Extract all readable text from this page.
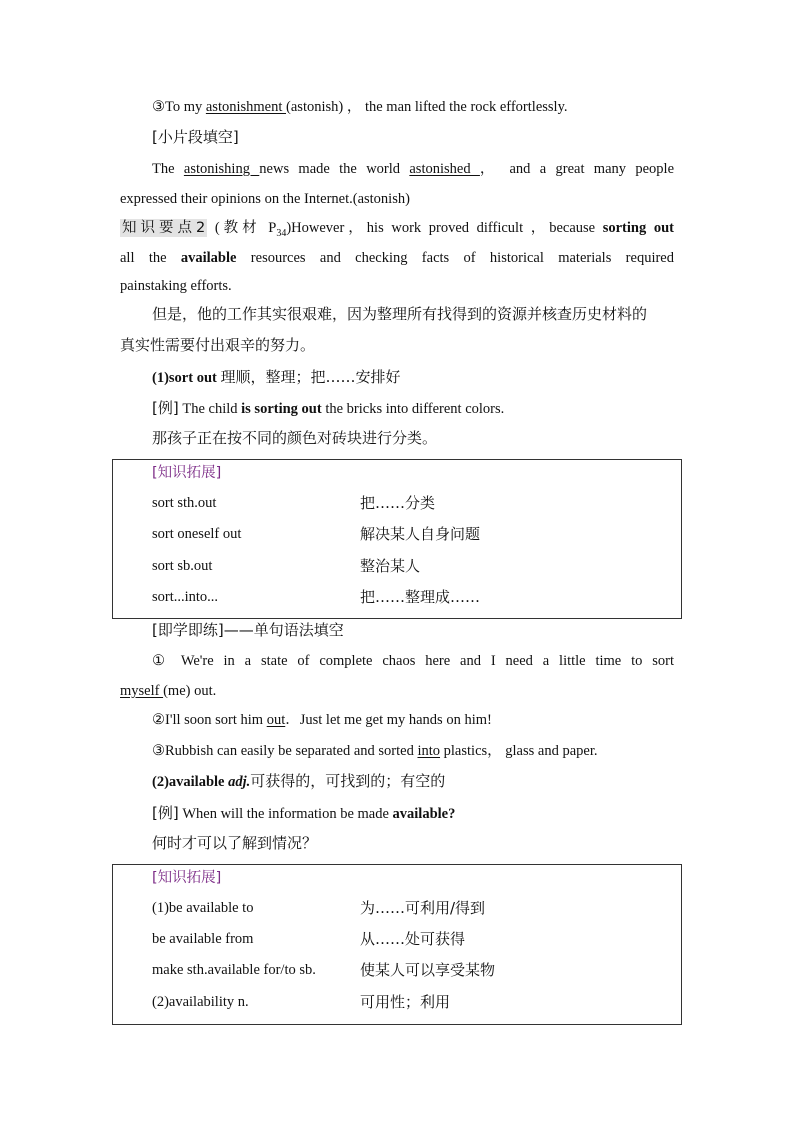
③To my astonishment (astonish) ， the man lifted the rock effortlessly.
[小片段填空]
The astonishing news made the world astonished ， and a great many people
expressed their opinions on the Internet.(astonish)
知识要点2 (教材 $P_{34})However$，his work proved difficult ，because sorting out
all the available resources and checking facts of historical materials required
painstaking efforts.
但是，他的工作其实很艰难，因为整理所有找得到的资源并核查历史材料的
真实性需要付出艰辛的努力。
(1)sort out 理顺，整理；把……安排好
[例] The child is sorting out the bricks into different colors.
那孩子正在按不同的颜色对砖块进行分类。
[知识拓展]
sort sth.out	把……分类
sort oneself out	解决某人自身问题
sort sb.out	整治某人
sort...into...	把……整理成……
[即学即练]——单句语法填空
① We're in a state of complete chaos here and I need a little time to sort
myself (me) out.
②I'll soon sort him out．Just let me get my hands on him!
③Rubbish can easily be separated and sorted into plastics， glass and paper.
(2)available adj.可获得的，可找到的；有空的
[例] When will the information be made available?
何时才可以了解到情况？
[知识拓展]
(1)be available to	为……可利用/得到
be available from	从……处可获得
make sth.available for/to sb.	使某人可以享受某物
(2)availability n.	可用性；利用
